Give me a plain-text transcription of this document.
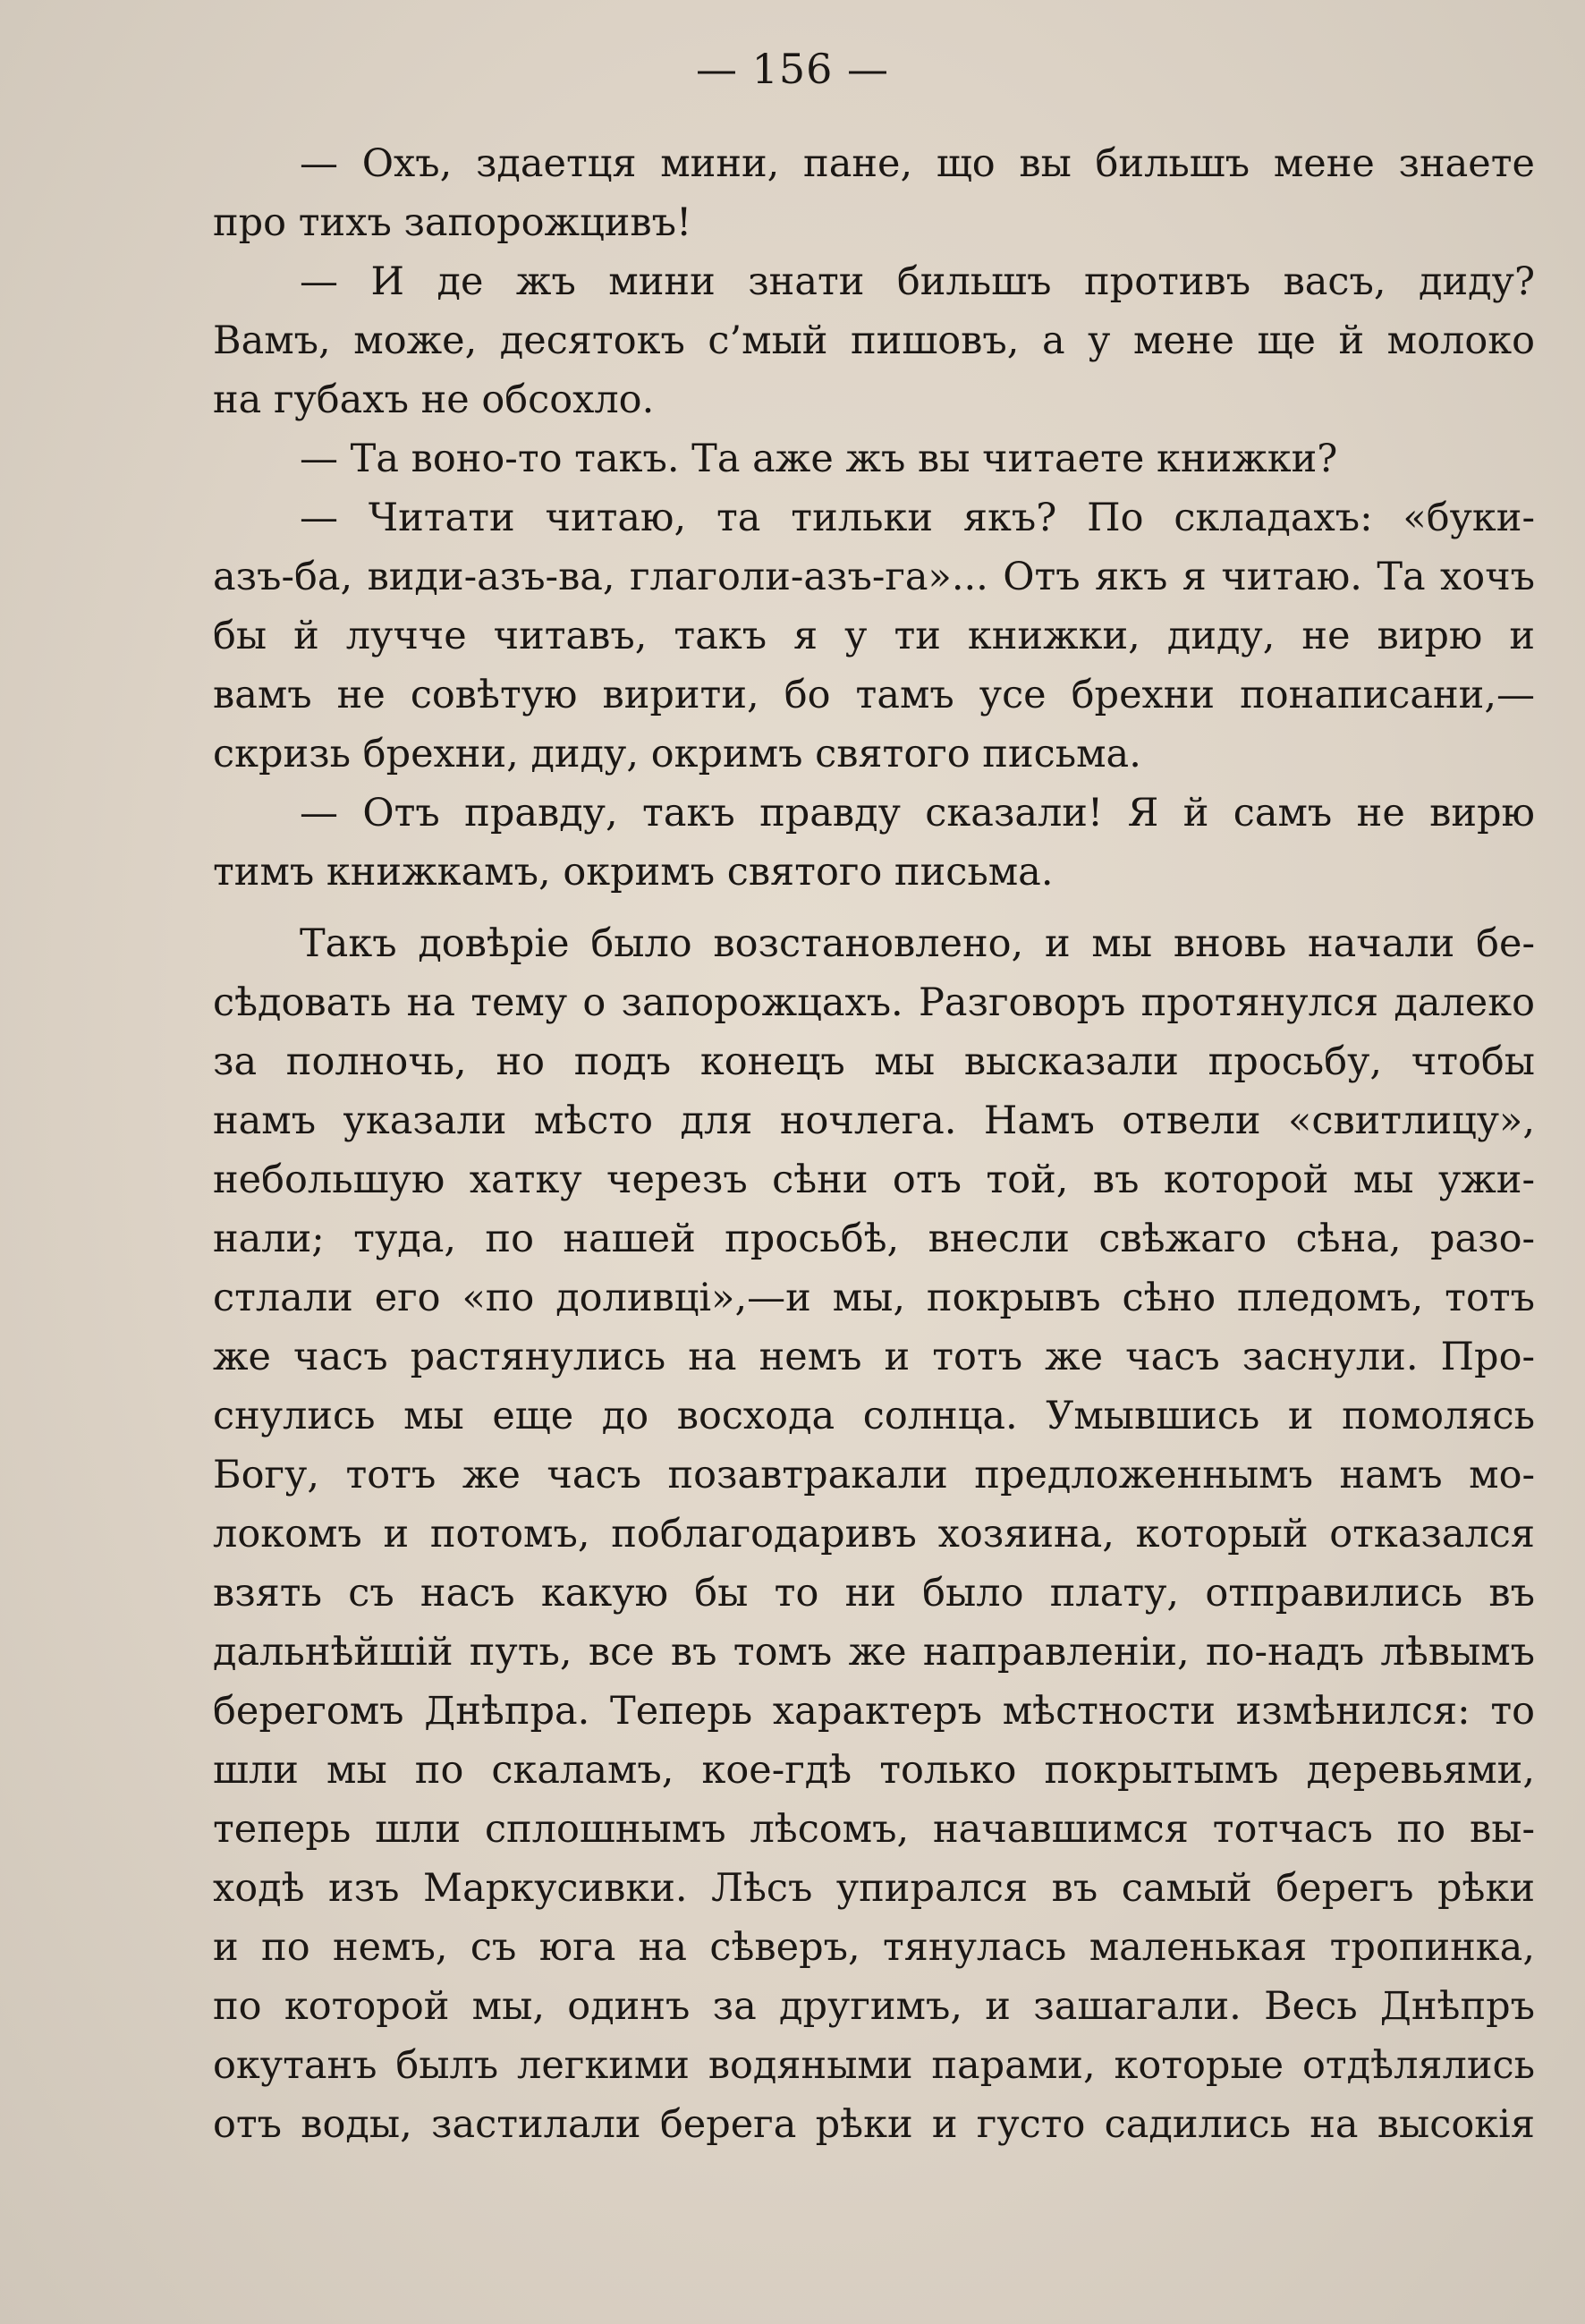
— 156 —
— Охъ, здаетця мини, пане, що вы бильшъ мене знаете
про тихъ запорожцивъ!
— И де жъ мини знати бильшъ противъ васъ, диду?
Вамъ, може, десятокъ с’мый пишовъ, а у мене ще й молоко
на губахъ не обсохло.
— Та воно-то такъ. Та аже жъ вы читаете книжки?
— Читати читаю, та тильки якъ? По складахъ: «буки-
азъ-ба, види-азъ-ва, глаголи-азъ-га»... Отъ якъ я читаю. Та хочъ
бы й лучче читавъ, такъ я у ти книжки, диду, не вирю и
вамъ не совѣтую вирити, бо тамъ усе брехни понаписани,—
скризь брехни, диду, окримъ святого письма.
— Отъ правду, такъ правду сказали! Я й самъ не вирю
тимъ книжкамъ, окримъ святого письма.
Такъ довѣріе было возстановлено, и мы вновь начали бе-
сѣдовать на тему о запорожцахъ. Разговоръ протянулся далеко
за полночь, но подъ конецъ мы высказали просьбу, чтобы
намъ указали мѣсто для ночлега. Намъ отвели «свитлицу»,
небольшую хатку черезъ сѣни отъ той, въ которой мы ужи-
нали; туда, по нашей просьбѣ, внесли свѣжаго сѣна, разо-
стлали его «по доливці»,—и мы, покрывъ сѣно пледомъ, тотъ
же часъ растянулись на немъ и тотъ же часъ заснули. Про-
снулись мы еще до восхода солнца. Умывшись и помолясь
Богу, тотъ же часъ позавтракали предложеннымъ намъ мо-
локомъ и потомъ, поблагодаривъ хозяина, который отказался
взять съ насъ какую бы то ни было плату, отправились въ
дальнѣйшій путь, все въ томъ же направленіи, по-надъ лѣвымъ
берегомъ Днѣпра. Теперь характеръ мѣстности измѣнился: то
шли мы по скаламъ, кое-гдѣ только покрытымъ деревьями,
теперь шли сплошнымъ лѣсомъ, начавшимся тотчасъ по вы-
ходѣ изъ Маркусивки. Лѣсъ упирался въ самый берегъ рѣки
и по немъ, съ юга на сѣверъ, тянулась маленькая тропинка,
по которой мы, одинъ за другимъ, и зашагали. Весь Днѣпръ
окутанъ былъ легкими водяными парами, которые отдѣлялись
отъ воды, застилали берега рѣки и густо садились на высокія
